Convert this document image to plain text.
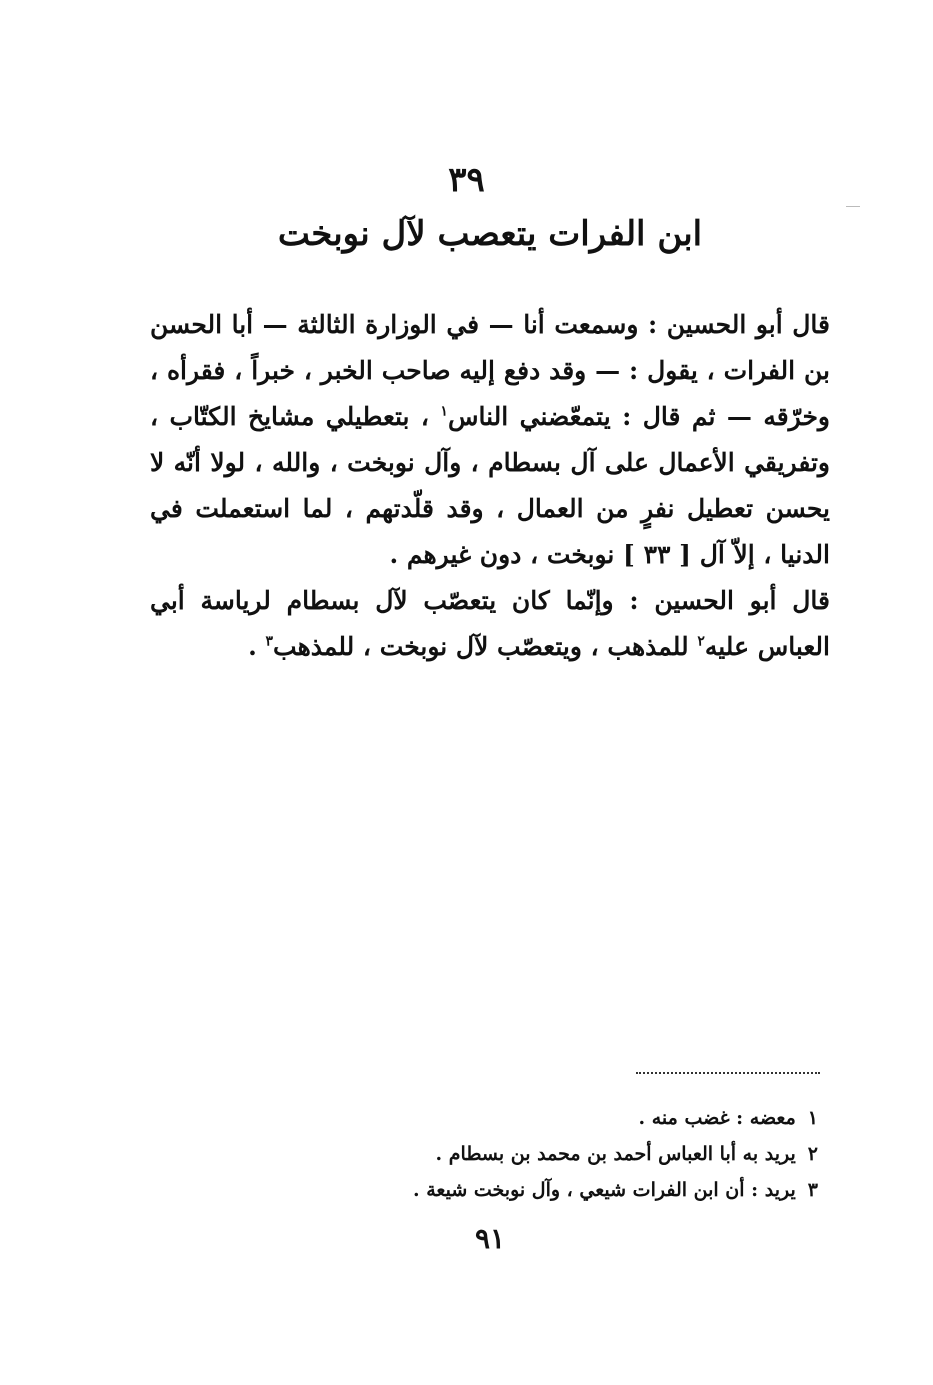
٣٩
ابن الفرات يتعصب لآل نوبخت

قال أبو الحسين : وسمعت أنا — في الوزارة الثالثة — أبا الحسن بن الفرات ، يقول : — وقد دفع إليه صاحب الخبر ، خبراً ، فقرأه ، وخرّقه — ثم قال : يتمعّضني الناس$^١$ ، بتعطيلي مشايخ الكتّاب ، وتفريقي الأعمال على آل بسطام ، وآل نوبخت ، والله ، لولا أنّه لا يحسن تعطيل نفرٍ من العمال ، وقد قلّدتهم ، لما استعملت في الدنيا ، إلاّ آل [ ٣٣ ] نوبخت ، دون غيرهم .

قال أبو الحسين : وإنّما كان يتعصّب لآل بسطام لرياسة أبي العباس عليه$^٢$ للمذهب ، ويتعصّب لآل نوبخت ، للمذهب$^٣$ .

١معضه : غضب منه .
٢يريد به أبا العباس أحمد بن محمد بن بسطام .
٣يريد : أن ابن الفرات شيعي ، وآل نوبخت شيعة .
٩١
